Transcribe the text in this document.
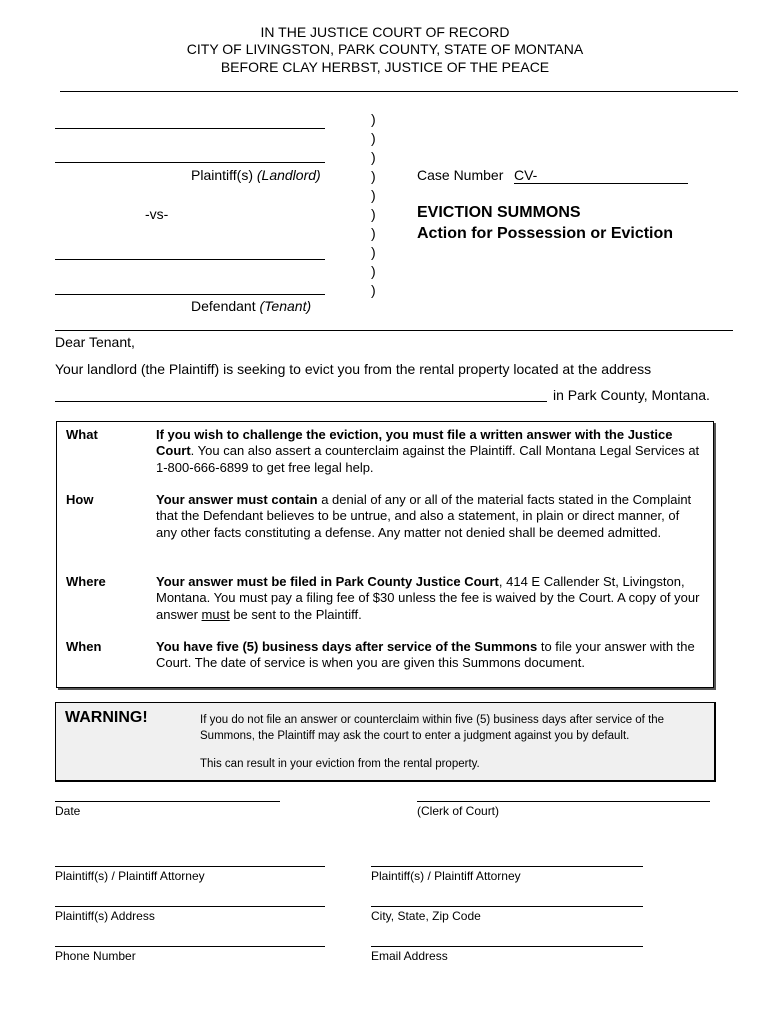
IN THE JUSTICE COURT OF RECORD
CITY OF LIVINGSTON, PARK COUNTY, STATE OF MONTANA
BEFORE CLAY HERBST, JUSTICE OF THE PEACE
Plaintiff(s) (Landlord)
-vs-
Defendant (Tenant)
)
)
)
)
)
)
)
)
)
)
Case Number CV-
EVICTION SUMMONS
Action for Possession or Eviction
Dear Tenant,
Your landlord (the Plaintiff) is seeking to evict you from the rental property located at the address
in Park County, Montana.
What	If you wish to challenge the eviction, you must file a written answer with the Justice Court. You can also assert a counterclaim against the Plaintiff. Call Montana Legal Services at 1-800-666-6899 to get free legal help.
How	Your answer must contain a denial of any or all of the material facts stated in the Complaint that the Defendant believes to be untrue, and also a statement, in plain or direct manner, of any other facts constituting a defense. Any matter not denied shall be deemed admitted.
Where	Your answer must be filed in Park County Justice Court, 414 E Callender St, Livingston, Montana. You must pay a filing fee of $30 unless the fee is waived by the Court. A copy of your answer must be sent to the Plaintiff.
When	You have five (5) business days after service of the Summons to file your answer with the Court. The date of service is when you are given this Summons document.
WARNING!	If you do not file an answer or counterclaim within five (5) business days after service of the Summons, the Plaintiff may ask the court to enter a judgment against you by default.
This can result in your eviction from the rental property.
Date	(Clerk of Court)
Plaintiff(s) / Plaintiff Attorney	Plaintiff(s) / Plaintiff Attorney
Plaintiff(s) Address	City, State, Zip Code
Phone Number	Email Address
